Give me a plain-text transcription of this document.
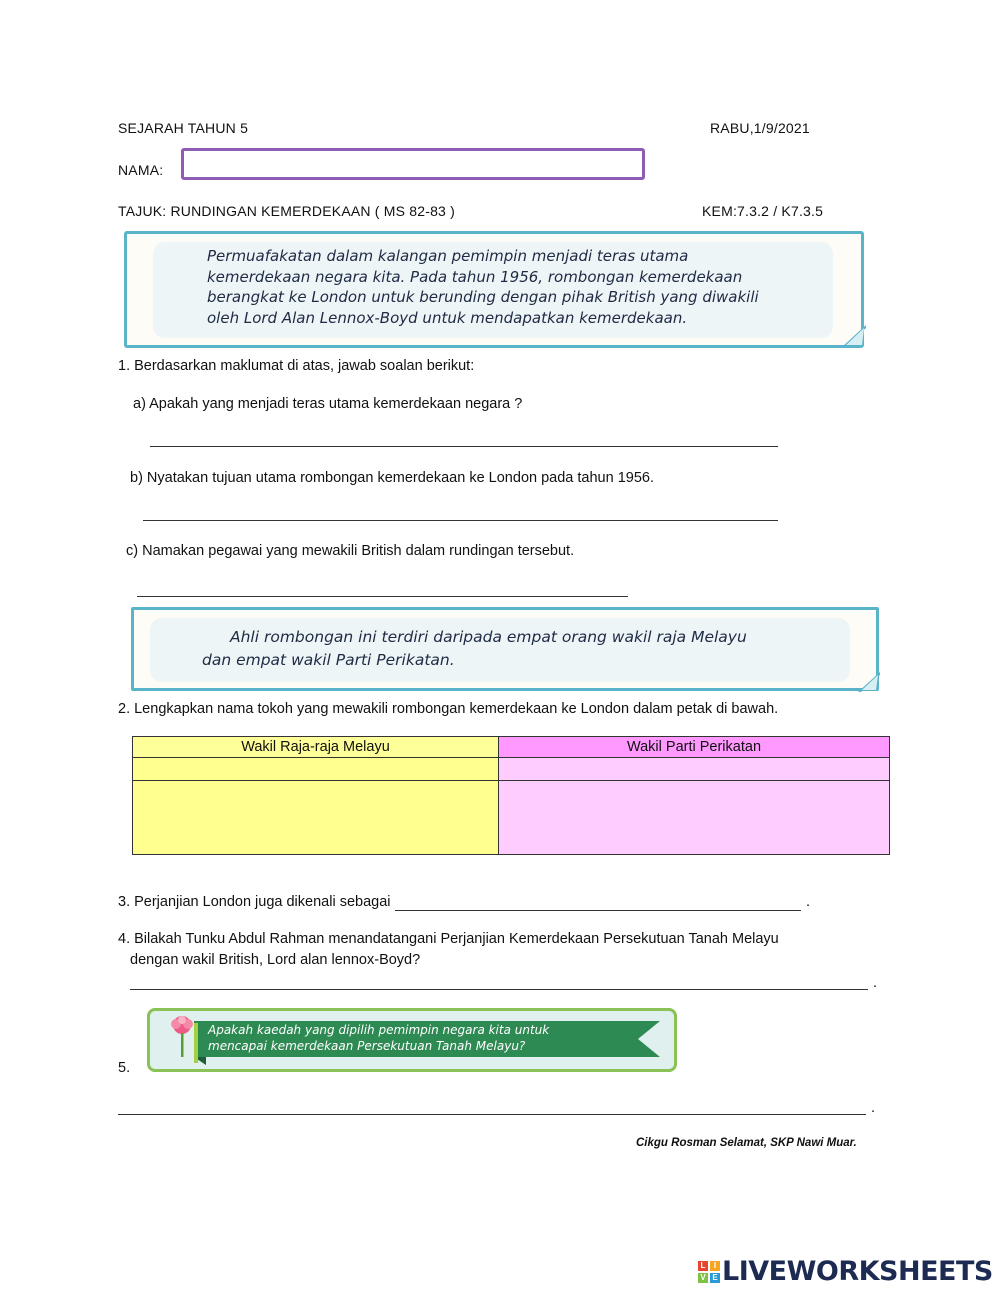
SEJARAH TAHUN 5	RABU,1/9/2021
NAMA:
TAJUK: RUNDINGAN KEMERDEKAAN ( MS 82-83 )	KEM:7.3.2 / K7.3.5
Permuafakatan dalam kalangan pemimpin menjadi teras utama
kemerdekaan negara kita. Pada tahun 1956, rombongan kemerdekaan
berangkat ke London untuk berunding dengan pihak British yang diwakili
oleh Lord Alan Lennox-Boyd untuk mendapatkan kemerdekaan.
1. Berdasarkan maklumat di atas, jawab soalan berikut:
a) Apakah yang menjadi teras utama kemerdekaan negara ?
b) Nyatakan tujuan utama rombongan kemerdekaan ke London pada tahun 1956.
c) Namakan pegawai yang mewakili British dalam rundingan tersebut.
Ahli rombongan ini terdiri daripada empat orang wakil raja Melayu
dan empat wakil Parti Perikatan.
2. Lengkapkan nama tokoh yang mewakili rombongan kemerdekaan ke London dalam petak di bawah.
Wakil Raja-raja Melayu	Wakil Parti Perikatan

3. Perjanjian London juga dikenali sebagai	.
4. Bilakah Tunku Abdul Rahman menandatangani Perjanjian Kemerdekaan Persekutuan Tanah Melayu
dengan wakil British, Lord alan lennox-Boyd?
.
5.
Apakah kaedah yang dipilih pemimpin negara kita untuk
mencapai kemerdekaan Persekutuan Tanah Melayu?
.
Cikgu Rosman Selamat, SKP Nawi Muar.
L	I
V E LIVEWORKSHEETS
